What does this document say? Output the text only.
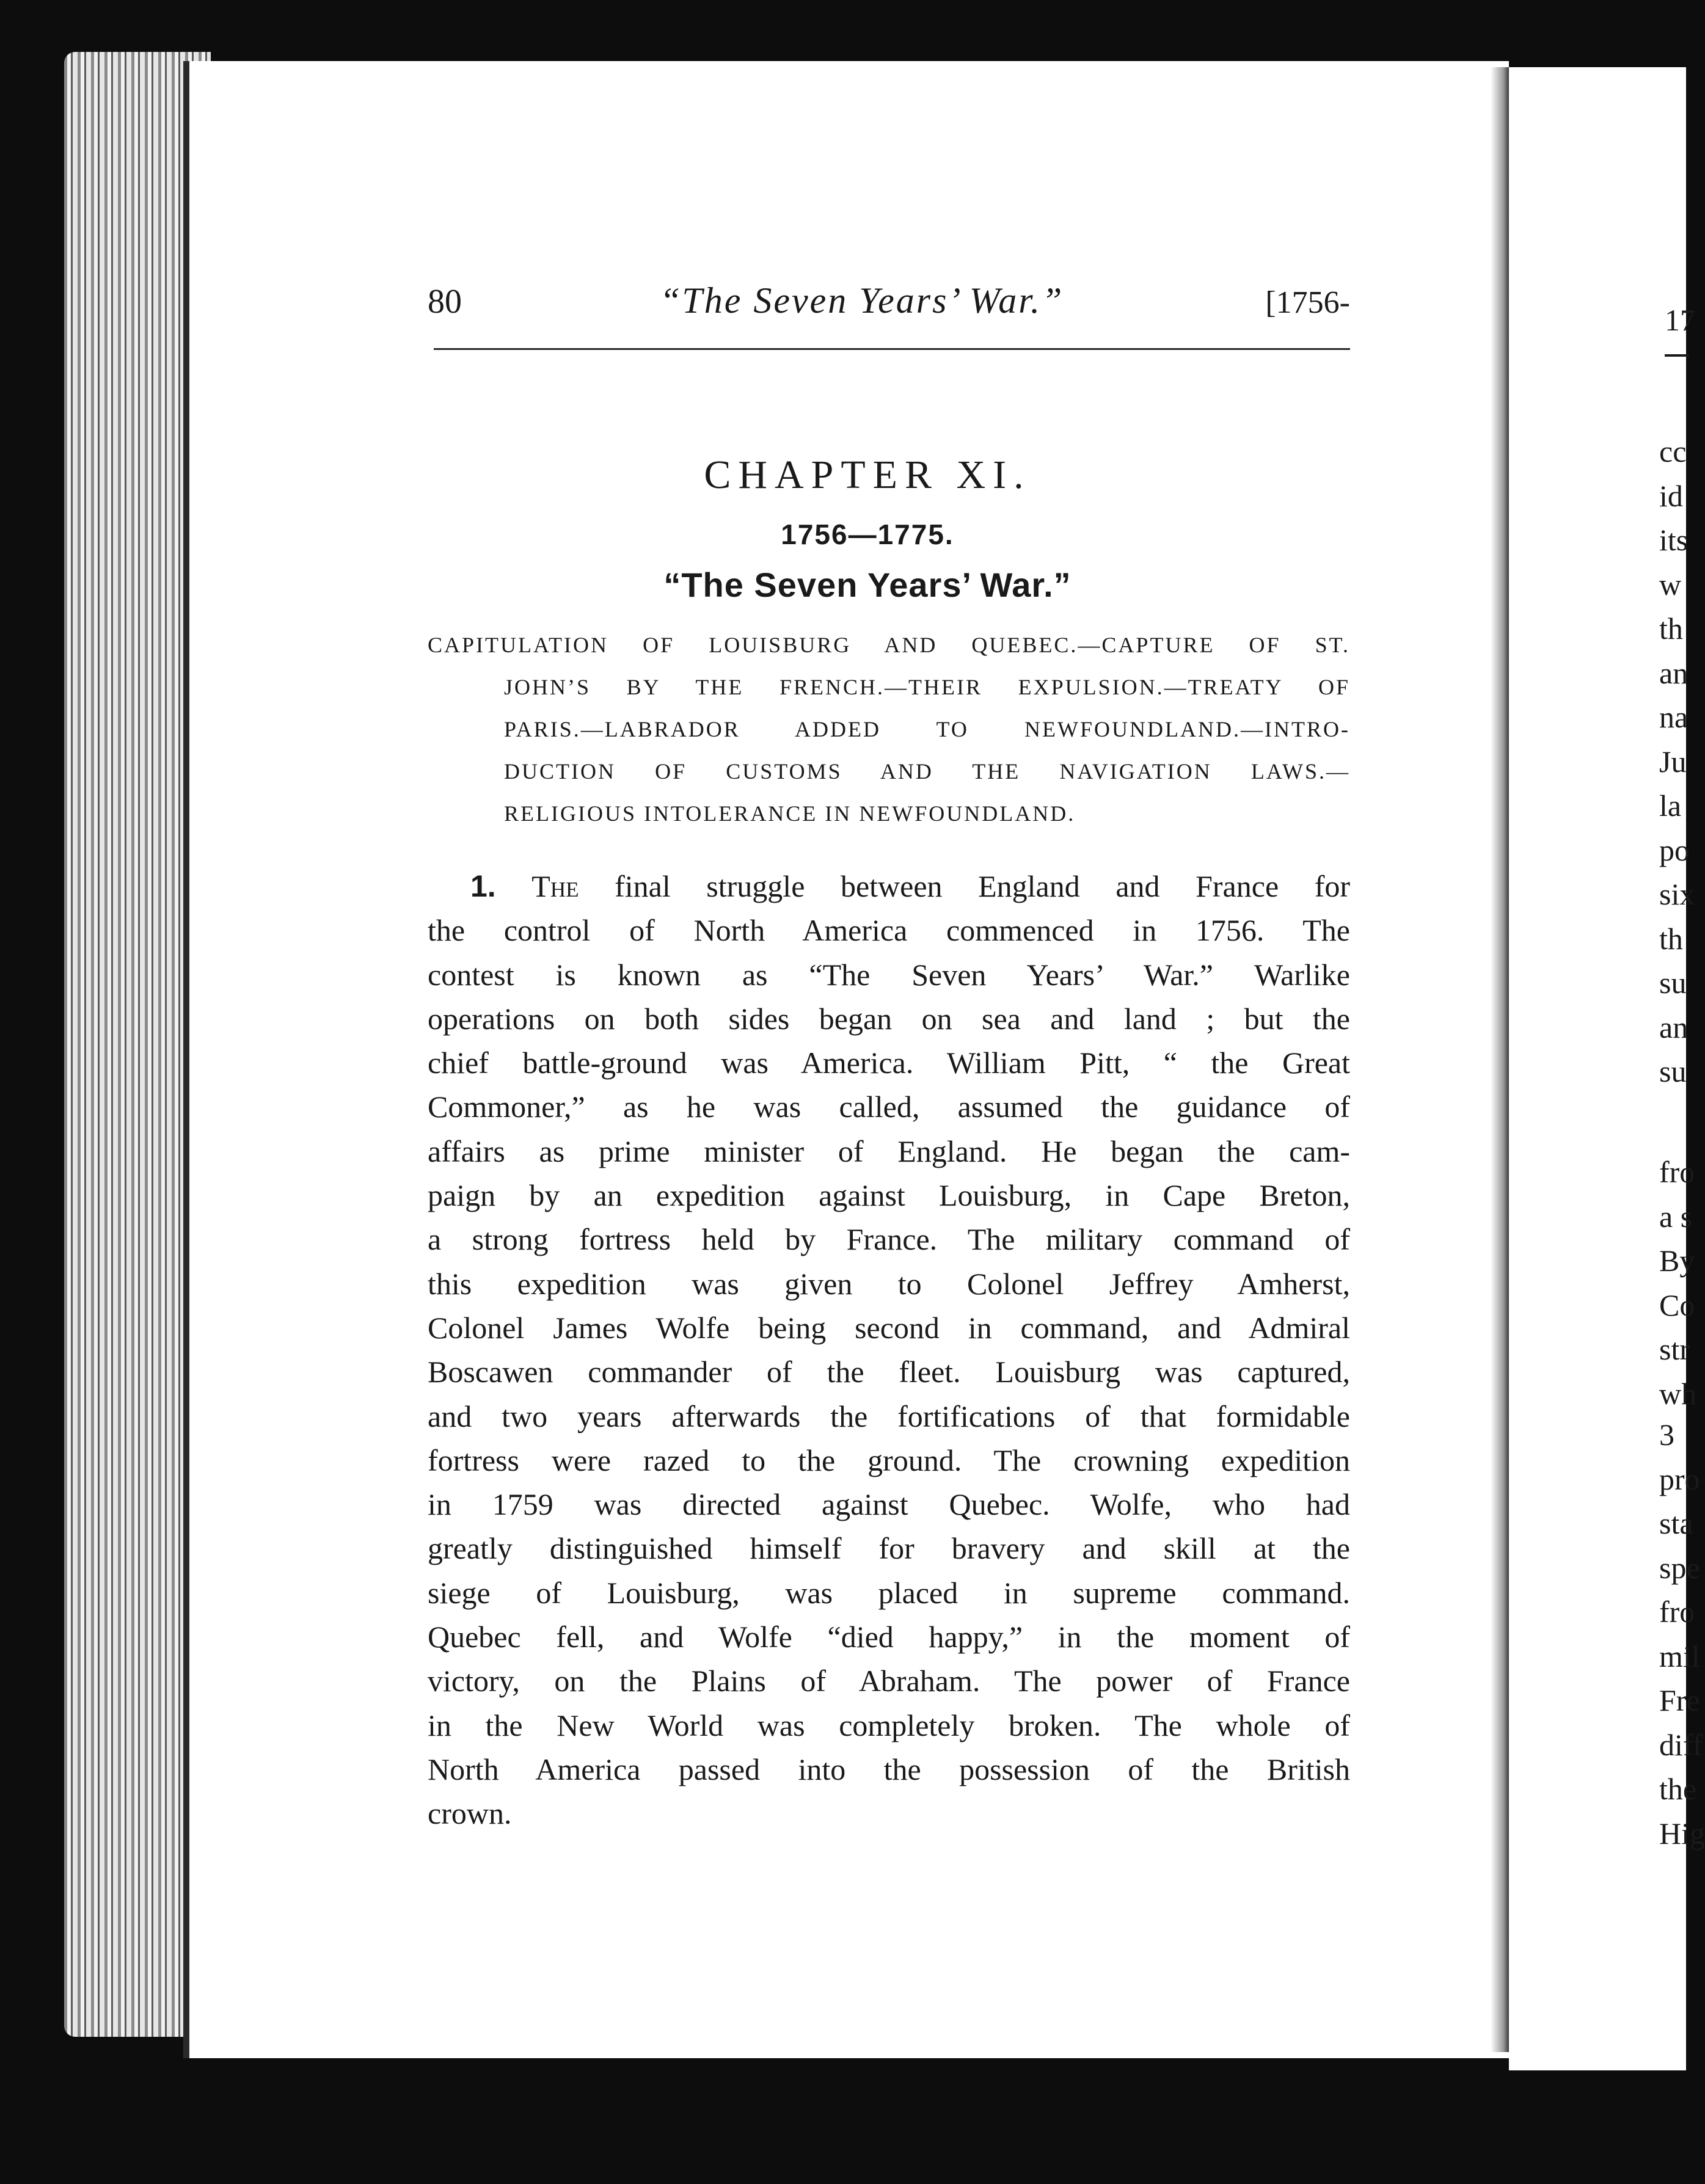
17
cc
id
its
w
th
an
na
Ju
la
po
six
th
su
an
su
fro
a s
By
Co
str
wh
3
pro
sta
spe
fro
mil
Fre
diff
the
Hig
80	“The Seven Years’ War.”	[1756-
CHAPTER XI.
1756—1775.
“The Seven Years’ War.”
CAPITULATION OF LOUISBURG AND QUEBEC.—CAPTURE OF ST.
JOHN’S BY THE FRENCH.—THEIR EXPULSION.—TREATY OF
PARIS.—LABRADOR ADDED TO NEWFOUNDLAND.—INTRO-
DUCTION OF CUSTOMS AND THE NAVIGATION LAWS.—
RELIGIOUS INTOLERANCE IN NEWFOUNDLAND.
1. The final struggle between England and France for
the control of North America commenced in 1756. The
contest is known as “The Seven Years’ War.” Warlike
operations on both sides began on sea and land ; but the
chief battle-ground was America. William Pitt, “ the Great
Commoner,” as he was called, assumed the guidance of
affairs as prime minister of England. He began the cam-
paign by an expedition against Louisburg, in Cape Breton,
a strong fortress held by France. The military command of
this expedition was given to Colonel Jeffrey Amherst,
Colonel James Wolfe being second in command, and Admiral
Boscawen commander of the fleet. Louisburg was captured,
and two years afterwards the fortifications of that formidable
fortress were razed to the ground. The crowning expedition
in 1759 was directed against Quebec. Wolfe, who had
greatly distinguished himself for bravery and skill at the
siege of Louisburg, was placed in supreme command.
Quebec fell, and Wolfe “died happy,” in the moment of
victory, on the Plains of Abraham. The power of France
in the New World was completely broken. The whole of
North America passed into the possession of the British
crown.
